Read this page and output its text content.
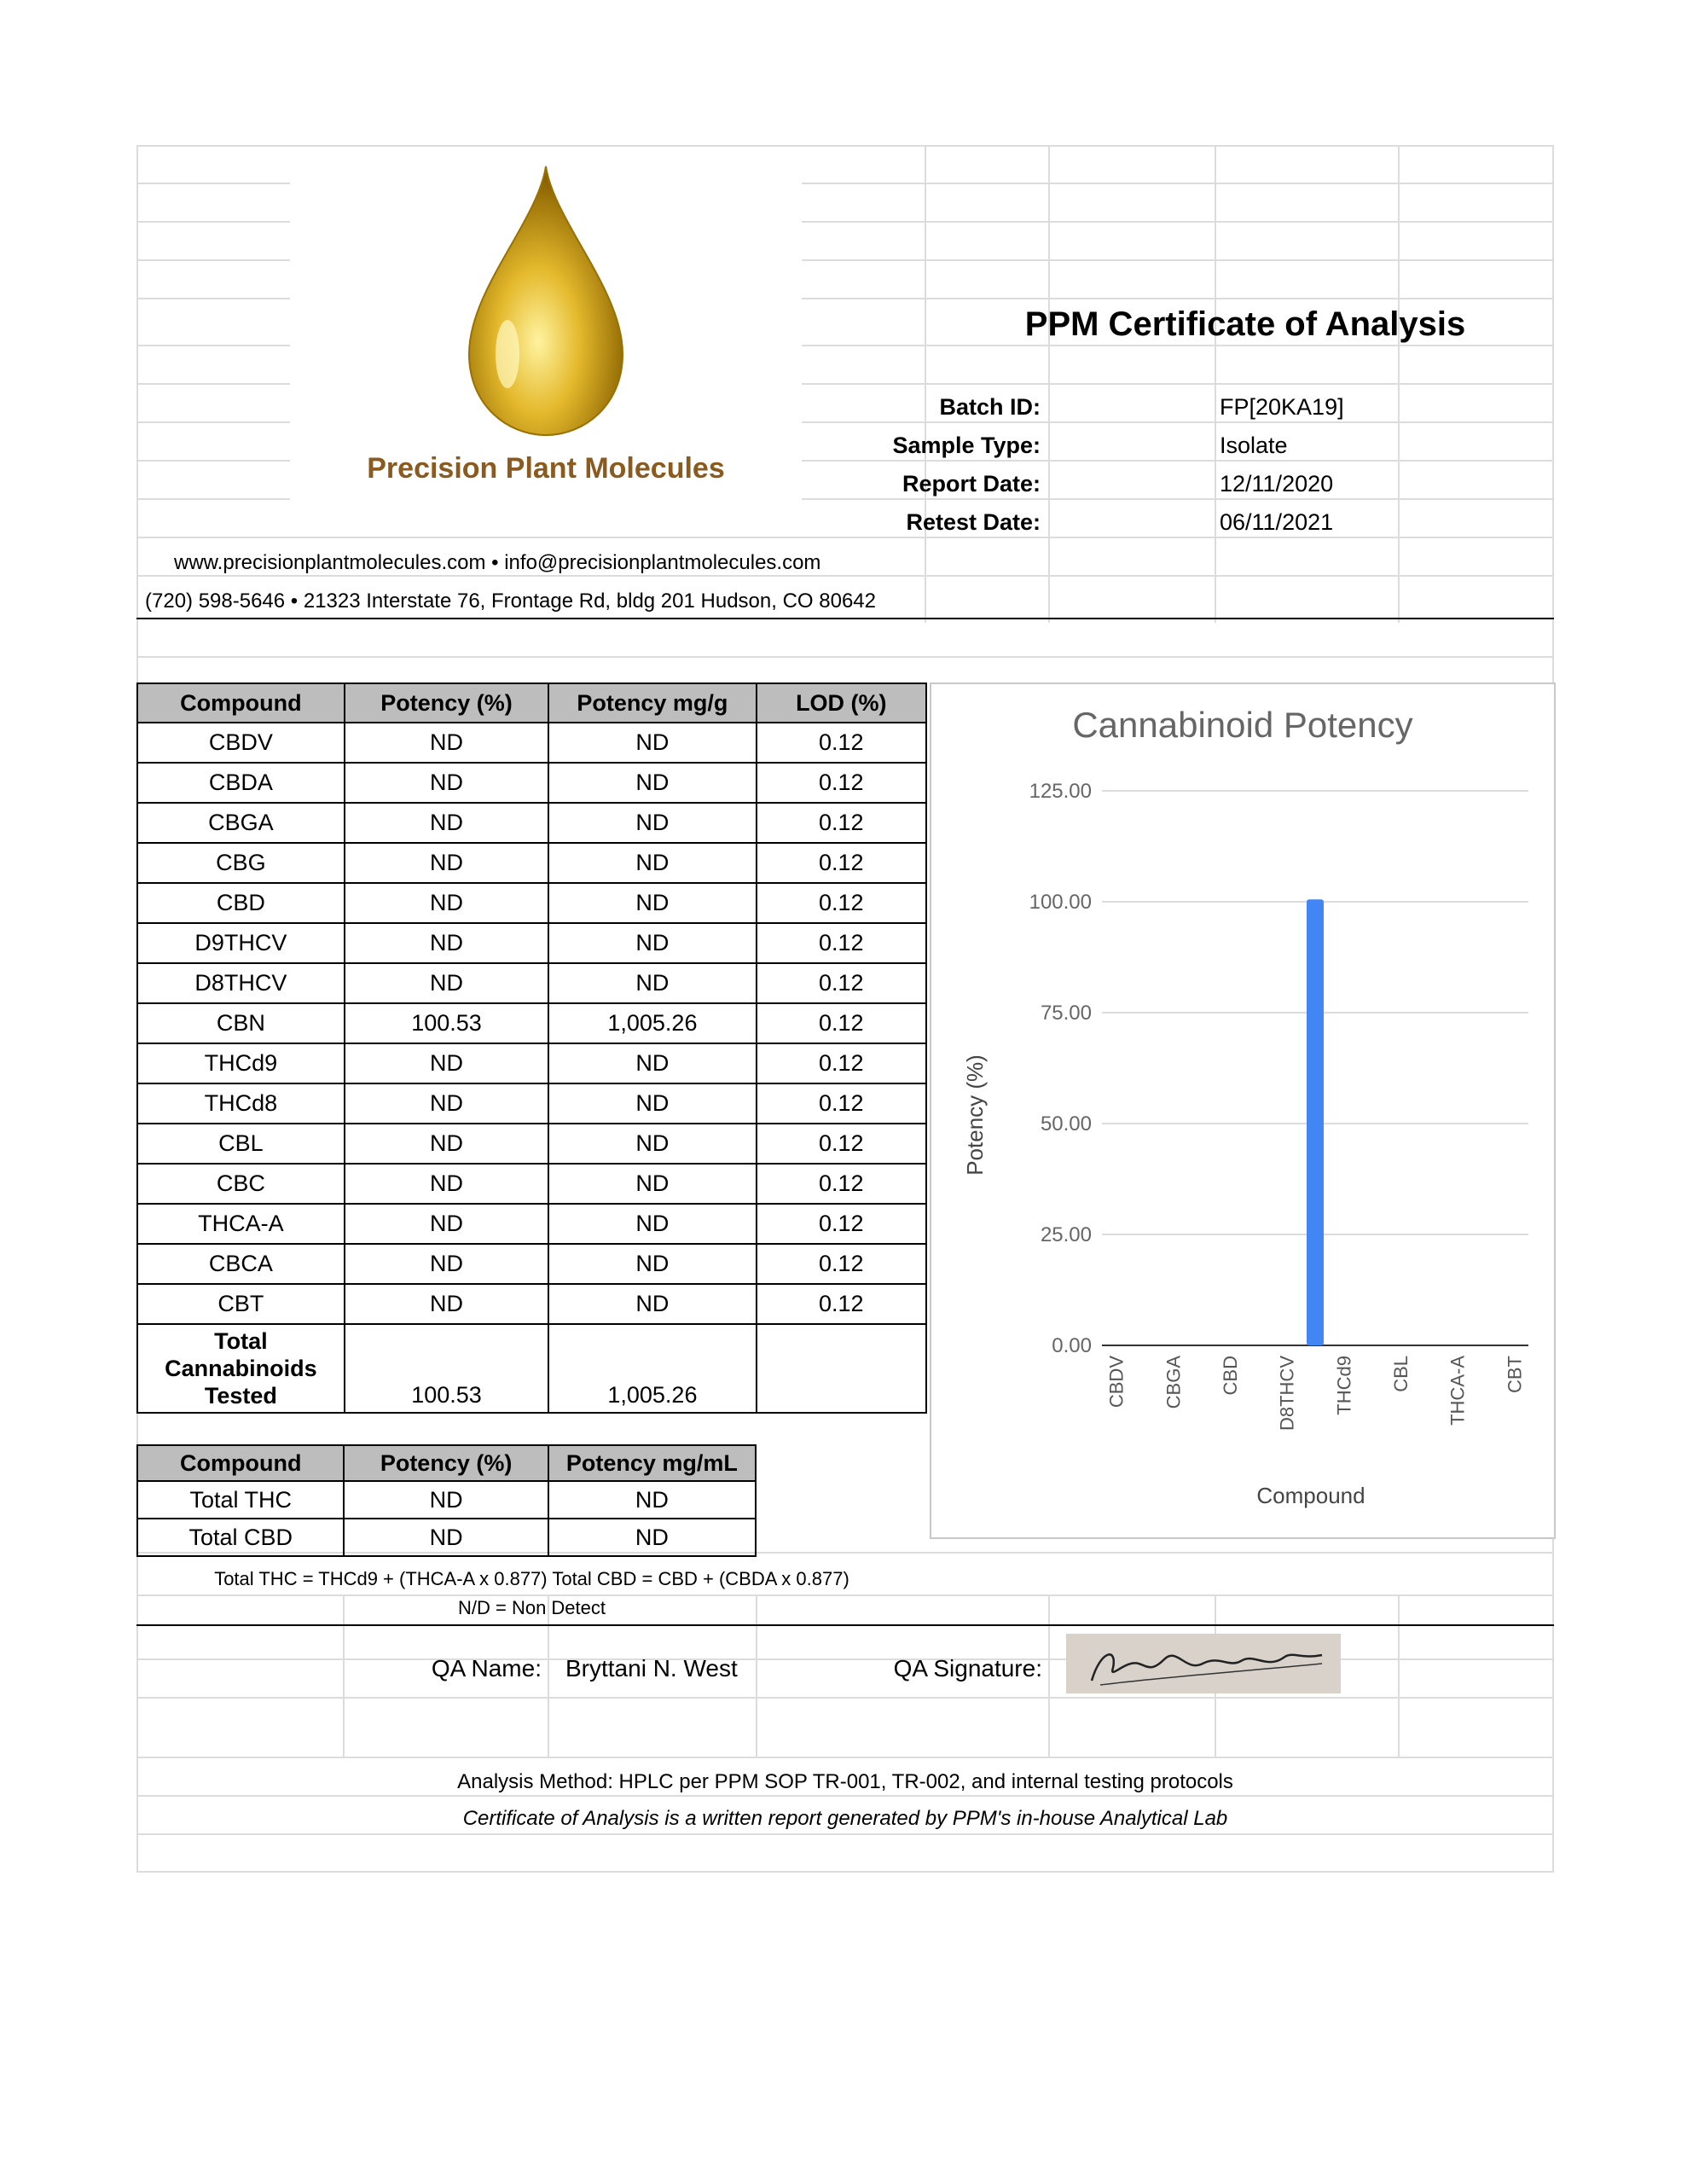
Precision Plant Molecules
PPM Certificate of Analysis
Batch ID:	FP[20KA19]
Sample Type:	Isolate
Report Date:	12/11/2020
Retest Date:	06/11/2021
www.precisionplantmolecules.com • info@precisionplantmolecules.com
(720) 598-5646 • 21323 Interstate 76, Frontage Rd, bldg 201 Hudson, CO 80642
Compound	Potency (%)	Potency mg/g	LOD (%)
CBDV	ND	ND	0.12
CBDA	ND	ND	0.12
CBGA	ND	ND	0.12
CBG	ND	ND	0.12
CBD	ND	ND	0.12
D9THCV	ND	ND	0.12
D8THCV	ND	ND	0.12
CBN	100.53	1,005.26	0.12
THCd9	ND	ND	0.12
THCd8	ND	ND	0.12
CBL	ND	ND	0.12
CBC	ND	ND	0.12
THCA-A	ND	ND	0.12
CBCA	ND	ND	0.12
CBT	ND	ND	0.12
Total Cannabinoids Tested	100.53	1,005.26	
Compound	Potency (%)	Potency mg/mL
Total THC	ND	ND
Total CBD	ND	ND
Total THC = THCd9 + (THCA-A x 0.877) Total CBD = CBD + (CBDA x 0.877)
N/D = Non Detect
Cannabinoid Potency
Compound
Potency (%)
0.00
25.00
50.00
75.00
100.00
125.00
CBDV CBGA CBD D8THCV THCd9 CBL THCA-A CBT
QA Name: Bryttani N. West	QA Signature:
Analysis Method: HPLC per PPM SOP TR-001, TR-002, and internal testing protocols
Certificate of Analysis is a written report generated by PPM's in-house Analytical Lab
